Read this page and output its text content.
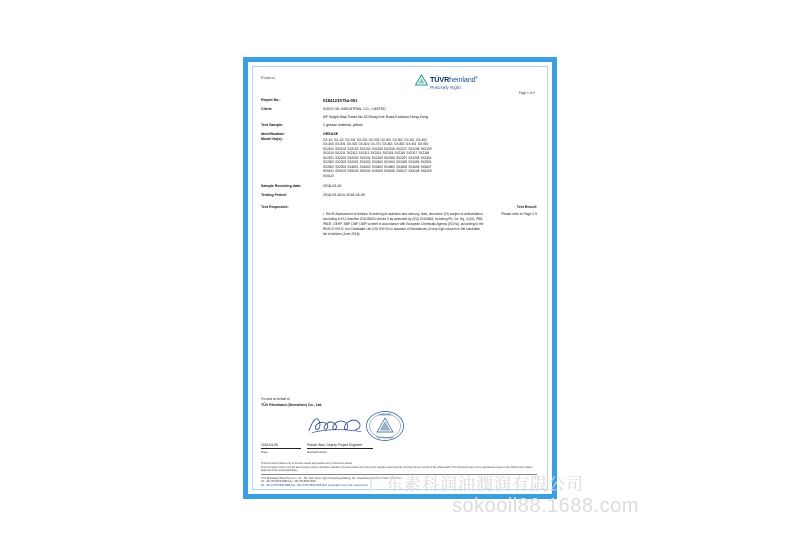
Product	TÜVRheinland®
Precisely Right.
Page 1 of 9
Report No.:	0184123S75a-001
Client:	SOKO OIL INDUSTRIAL CO., LIMITED
6/F Bright Way Tower,No.33 Mong Kok Road,Kowloon,Hong Kong
Test Sample:	1 grease material, yellow
Identification/
Model No(s):
GREASE
GX-1/1 GX-1/2 GX-201 GX-202 GX-203 GX-301 GX-302 GX-401 GX-402
GX-403 GX-501 GX-502 GX-601 GX-701 GX-801 GX-802 GX-901 GX-902
SX2101 SX2102 SX2103 SX2104 SX2105 SX2106 SX2107 SX2108 SX2109
SX2110 SX2111 SX2112 SX2113 SX2114 SX2115 SX2116 SX2117 SX2118
SX2201 SX2202 SX2203 SX2204 SX2205 SX2206 SX2207 SX2208 SX2301
SX2302 SX2303 SX2401 SX2402 SX2403 SX2404 SX2405 SX2406 SX2501
SX2502 SX2503 SX4601 SX4602 SX4603 SX4604 SX4605 SX4606 SX4607
SX5101 SX5102 SX5103 SX5104 SX5105 SX5106 SX5107 SX5108 SX5109
SX5110
Sample Receiving date:	2018-03-26
Testing Period:	2018-03-26 to 2018-04-09
Test Requested:	Test Result:
• RoHS Assessment of Articles: Screening of cadmium and mercury, lead, chromium (VI) subject to authorisation, according to EU Directive 2011/65/EU Annex II as amended by (EU) 2015/863, including Pb, Cd, Hg, Cr(VI), PBB, PBDE, DEHP, BBP, DBP, DIBP content in accordance with European Chemicals Agency (ECHA), according to the REACH SVHC List Candidate List (191 SVHCs in advance of Substances of very high concern in the candidate list of Articles (June 2018).
Please refer to Page 2-9
For and on behalf of
TÜV Rheinland (Shenzhen) Co., Ltd.
TÜV Rheinland
SHENZHEN
2018-04-09
Date
Patrick Wan, Deputy Project Engineer
Name/Position
This test report relates only to the item tested and pertains only to the items tested.
This test report covers only the items tested. Unless otherwise specified, the test results refer only to the samples tested and do not imply the test results of the whole batch. This document may not be reproduced except in full, without prior written approval of the testing laboratory.
TÜV Rheinland (Shenzhen) Co., Ltd. · 5/F, Tech Tower, Qiye Technology Building, No. 1 Keji Road, Nanshan District, Shenzhen
Tel: +86-755-8828 0888 Fax: +86-755-8828 0818
Tel: +86 (0)755 8828 0888 Fax: +86 (0)755 8828 0818 Mail: service@tuv.com web: www.tuv.com 广东素科润油潤润有限公司
sokooil88.1688.com
